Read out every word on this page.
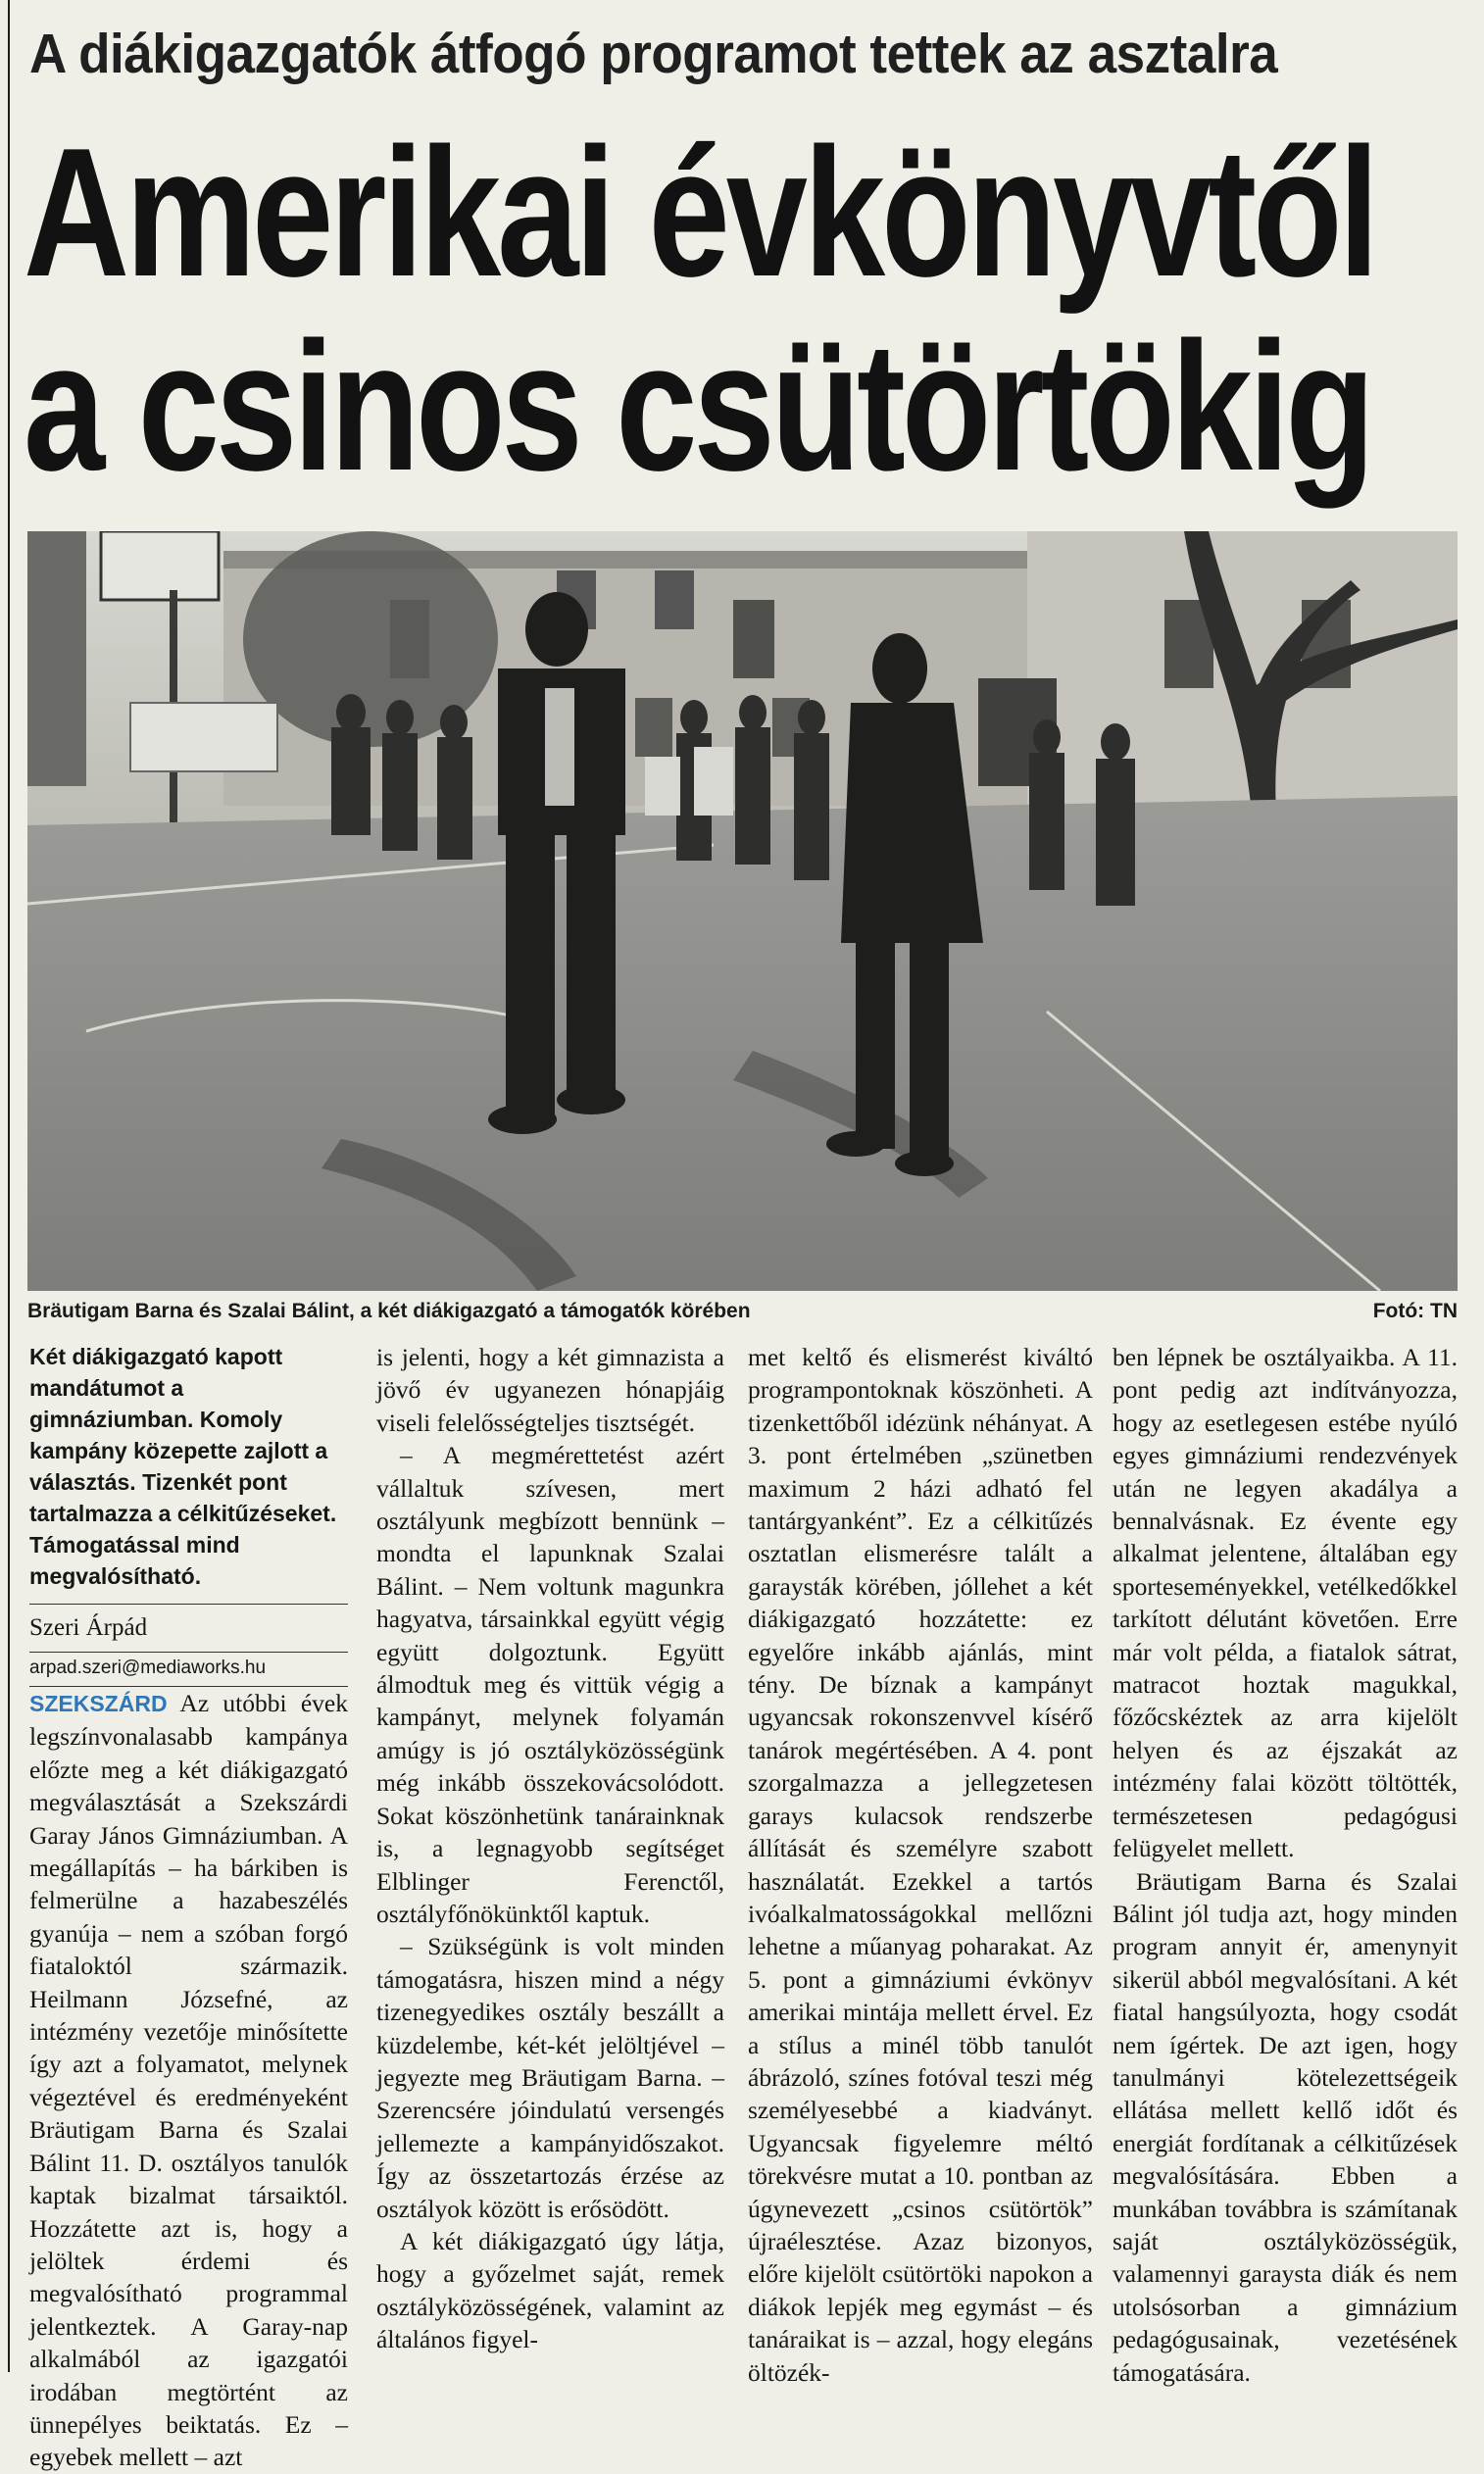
A diákigazgatók átfogó programot tettek az asztalra
Amerikai évkönyvtől
a csinos csütörtökig
Bräutigam Barna és Szalai Bálint, a két diákigazgató a támogatók körében	Fotó: TN
Két diákigazgató kapott mandátumot a gimnáziumban. Komoly kampány közepette zajlott a választás. Tizenkét pont tartalmazza a célkitűzéseket. Támogatással mind megvalósítható.
Szeri Árpád
arpad.szeri@mediaworks.hu

SZEKSZÁRD Az utóbbi évek legszínvonalasabb kampánya előzte meg a két diákigazgató megválasztását a Szekszárdi Garay János Gimnáziumban. A megállapítás – ha bárkiben is felmerülne a hazabeszélés gyanúja – nem a szóban forgó fiataloktól származik. Heilmann Józsefné, az intézmény vezetője minősítette így azt a folyamatot, melynek végeztével és eredményeként Bräutigam Barna és Szalai Bálint 11. D. osztályos tanulók kaptak bizalmat társaiktól. Hozzátette azt is, hogy a jelöltek érdemi és megvalósítható programmal jelentkeztek. A Garay-nap alkalmából az igazgatói irodában megtörtént az ünnepélyes beiktatás. Ez – egyebek mellett – azt

is jelenti, hogy a két gimnazista a jövő év ugyanezen hónapjáig viseli felelősségteljes tisztségét.

– A megmérettetést azért vállaltuk szívesen, mert osztályunk megbízott bennünk – mondta el lapunknak Szalai Bálint. – Nem voltunk magunkra hagyatva, társainkkal együtt végig együtt dolgoztunk. Együtt álmodtuk meg és vittük végig a kampányt, melynek folyamán amúgy is jó osztályközösségünk még inkább összekovácsolódott. Sokat köszönhetünk tanárainknak is, a legnagyobb segítséget Elblinger Ferenctől, osztályfőnökünktől kaptuk.

– Szükségünk is volt minden támogatásra, hiszen mind a négy tizenegyedikes osztály beszállt a küzdelembe, két-két jelöltjével – jegyezte meg Bräutigam Barna. – Szerencsére jóindulatú versengés jellemezte a kampányidőszakot. Így az összetartozás érzése az osztályok között is erősödött.

A két diákigazgató úgy látja, hogy a győzelmet saját, remek osztályközösségének, valamint az általános figyel-

met keltő és elismerést kiváltó programpontoknak köszönheti. A tizenkettőből idézünk néhányat. A 3. pont értelmében „szünetben maximum 2 házi adható fel tantárgyanként”. Ez a célkitűzés osztatlan elismerésre talált a garaysták körében, jóllehet a két diákigazgató hozzátette: ez egyelőre inkább ajánlás, mint tény. De bíznak a kampányt ugyancsak rokonszenvvel kísérő tanárok megértésében. A 4. pont szorgalmazza a jellegzetesen garays kulacsok rendszerbe állítását és személyre szabott használatát. Ezekkel a tartós ivóalkalmatosságokkal mellőzni lehetne a műanyag poharakat. Az 5. pont a gimnáziumi évkönyv amerikai mintája mellett érvel. Ez a stílus a minél több tanulót ábrázoló, színes fotóval teszi még személyesebbé a kiadványt. Ugyancsak figyelemre méltó törekvésre mutat a 10. pontban az úgynevezett „csinos csütörtök” újraélesztése. Azaz bizonyos, előre kijelölt csütörtöki napokon a diákok lepjék meg egymást – és tanáraikat is – azzal, hogy elegáns öltözék-

ben lépnek be osztályaikba. A 11. pont pedig azt indítványozza, hogy az esetlegesen estébe nyúló egyes gimnáziumi rendezvények után ne legyen akadálya a bennalvásnak. Ez évente egy alkalmat jelentene, általában egy sporteseményekkel, vetélkedőkkel tarkított délutánt követően. Erre már volt példa, a fiatalok sátrat, matracot hoztak magukkal, főzőcskéztek az arra kijelölt helyen és az éjszakát az intézmény falai között töltötték, természetesen pedagógusi felügyelet mellett.

Bräutigam Barna és Szalai Bálint jól tudja azt, hogy minden program annyit ér, amenynyit sikerül abból megvalósítani. A két fiatal hangsúlyozta, hogy csodát nem ígértek. De azt igen, hogy tanulmányi kötelezettségeik ellátása mellett kellő időt és energiát fordítanak a célkitűzések megvalósítására. Ebben a munkában továbbra is számítanak saját osztályközösségük, valamennyi garaysta diák és nem utolsósorban a gimnázium pedagógusainak, vezetésének támogatására.
